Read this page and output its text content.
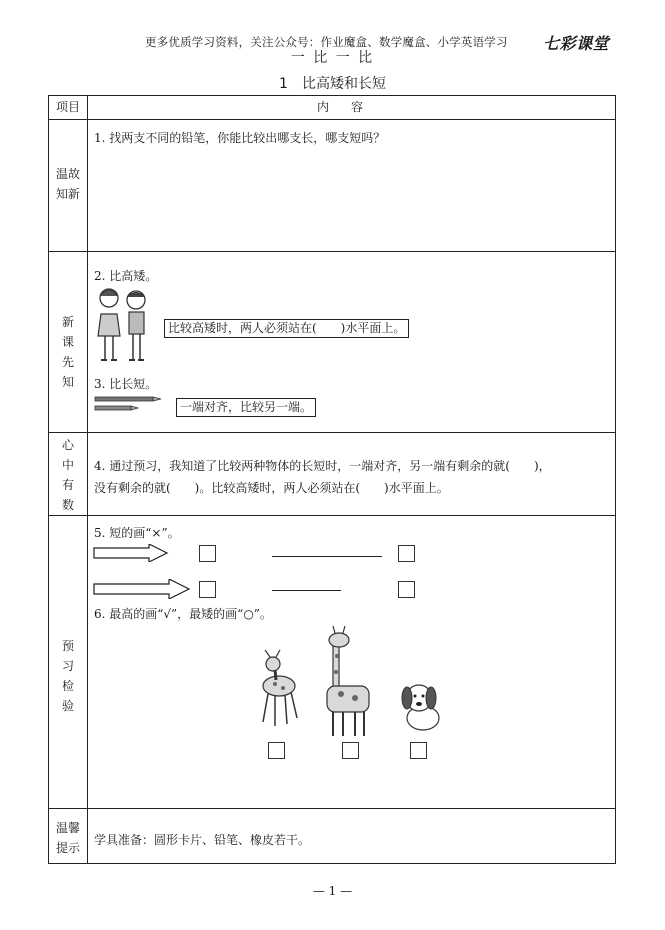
更多优质学习资料，关注公众号：作业魔盒、数学魔盒、小学英语学习 七彩课堂
一 比 一 比
1　比高矮和长短
项目	内容
温故知新
1. 找两支不同的铅笔，你能比较出哪支长，哪支短吗？
新课先知
2. 比高矮。
比较高矮时，两人必须站在(　　)水平面上。
3. 比长短。
一端对齐，比较另一端。
心中有数
4. 通过预习，我知道了比较两种物体的长短时，一端对齐，另一端有剩余的就(　　)，
没有剩余的就(　　)。比较高矮时，两人必须站在(　　)水平面上。
预习检验
5. 短的画“×”。
6. 最高的画“√”，最矮的画“○”。
温馨提示
学具准备：圆形卡片、铅笔、橡皮若干。
— 1 —
